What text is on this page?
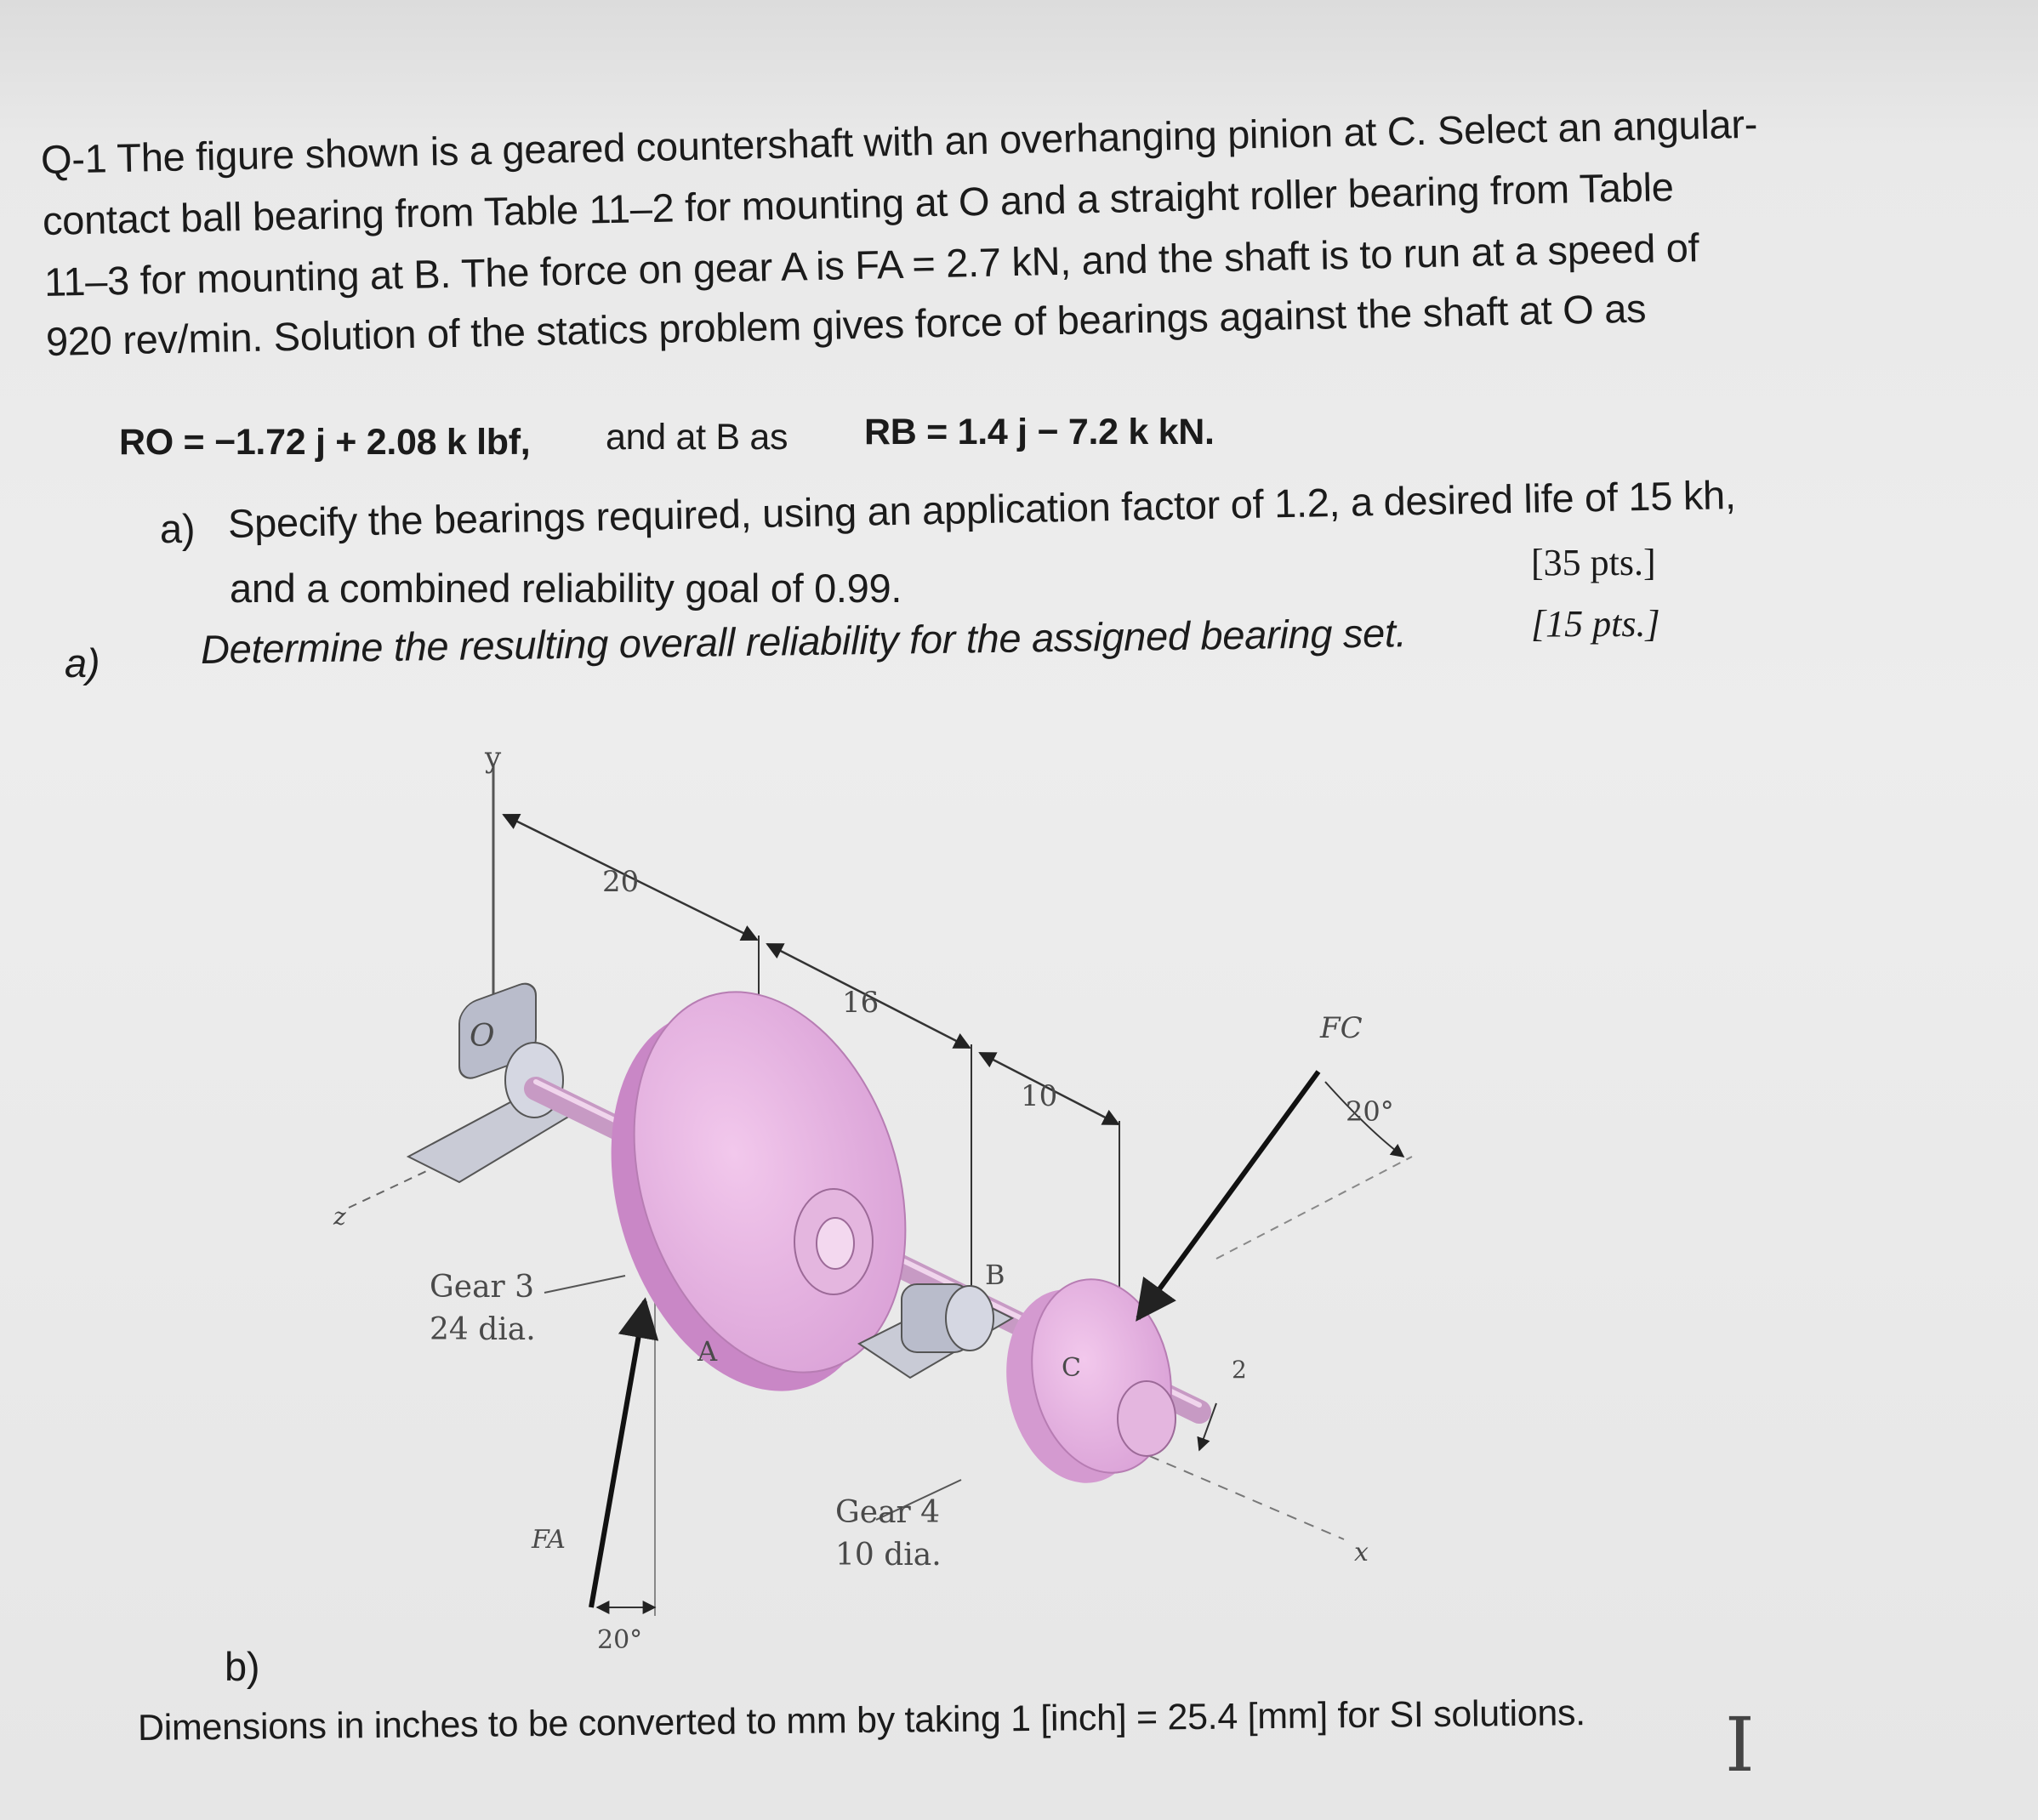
Q-1 The figure shown is a geared countershaft with an overhanging pinion at C. Select an angular-
contact ball bearing from Table 11–2 for mounting at O and a straight roller bearing from Table
11–3 for mounting at B. The force on gear A is FA = 2.7 kN, and the shaft is to run at a speed of
920 rev/min. Solution of the statics problem gives force of bearings against the shaft at O as
RO = −1.72 j + 2.08 k lbf, and at B as RB = 1.4 j − 7.2 k kN.
a) Specify the bearings required, using an application factor of 1.2, a desired life of 15 kh,
and a combined reliability goal of 0.99.
[35 pts.]
a)	Determine the resulting overall reliability for the assigned bearing set.	[15 pts.]
y
z
x
O
A
B
C
20
16
10
2
FC
FA
20°
20°
Gear 3
24 dia.
Gear 4
10 dia.
b)
Dimensions in inches to be converted to mm by taking 1 [inch] = 25.4 [mm] for SI solutions. I
